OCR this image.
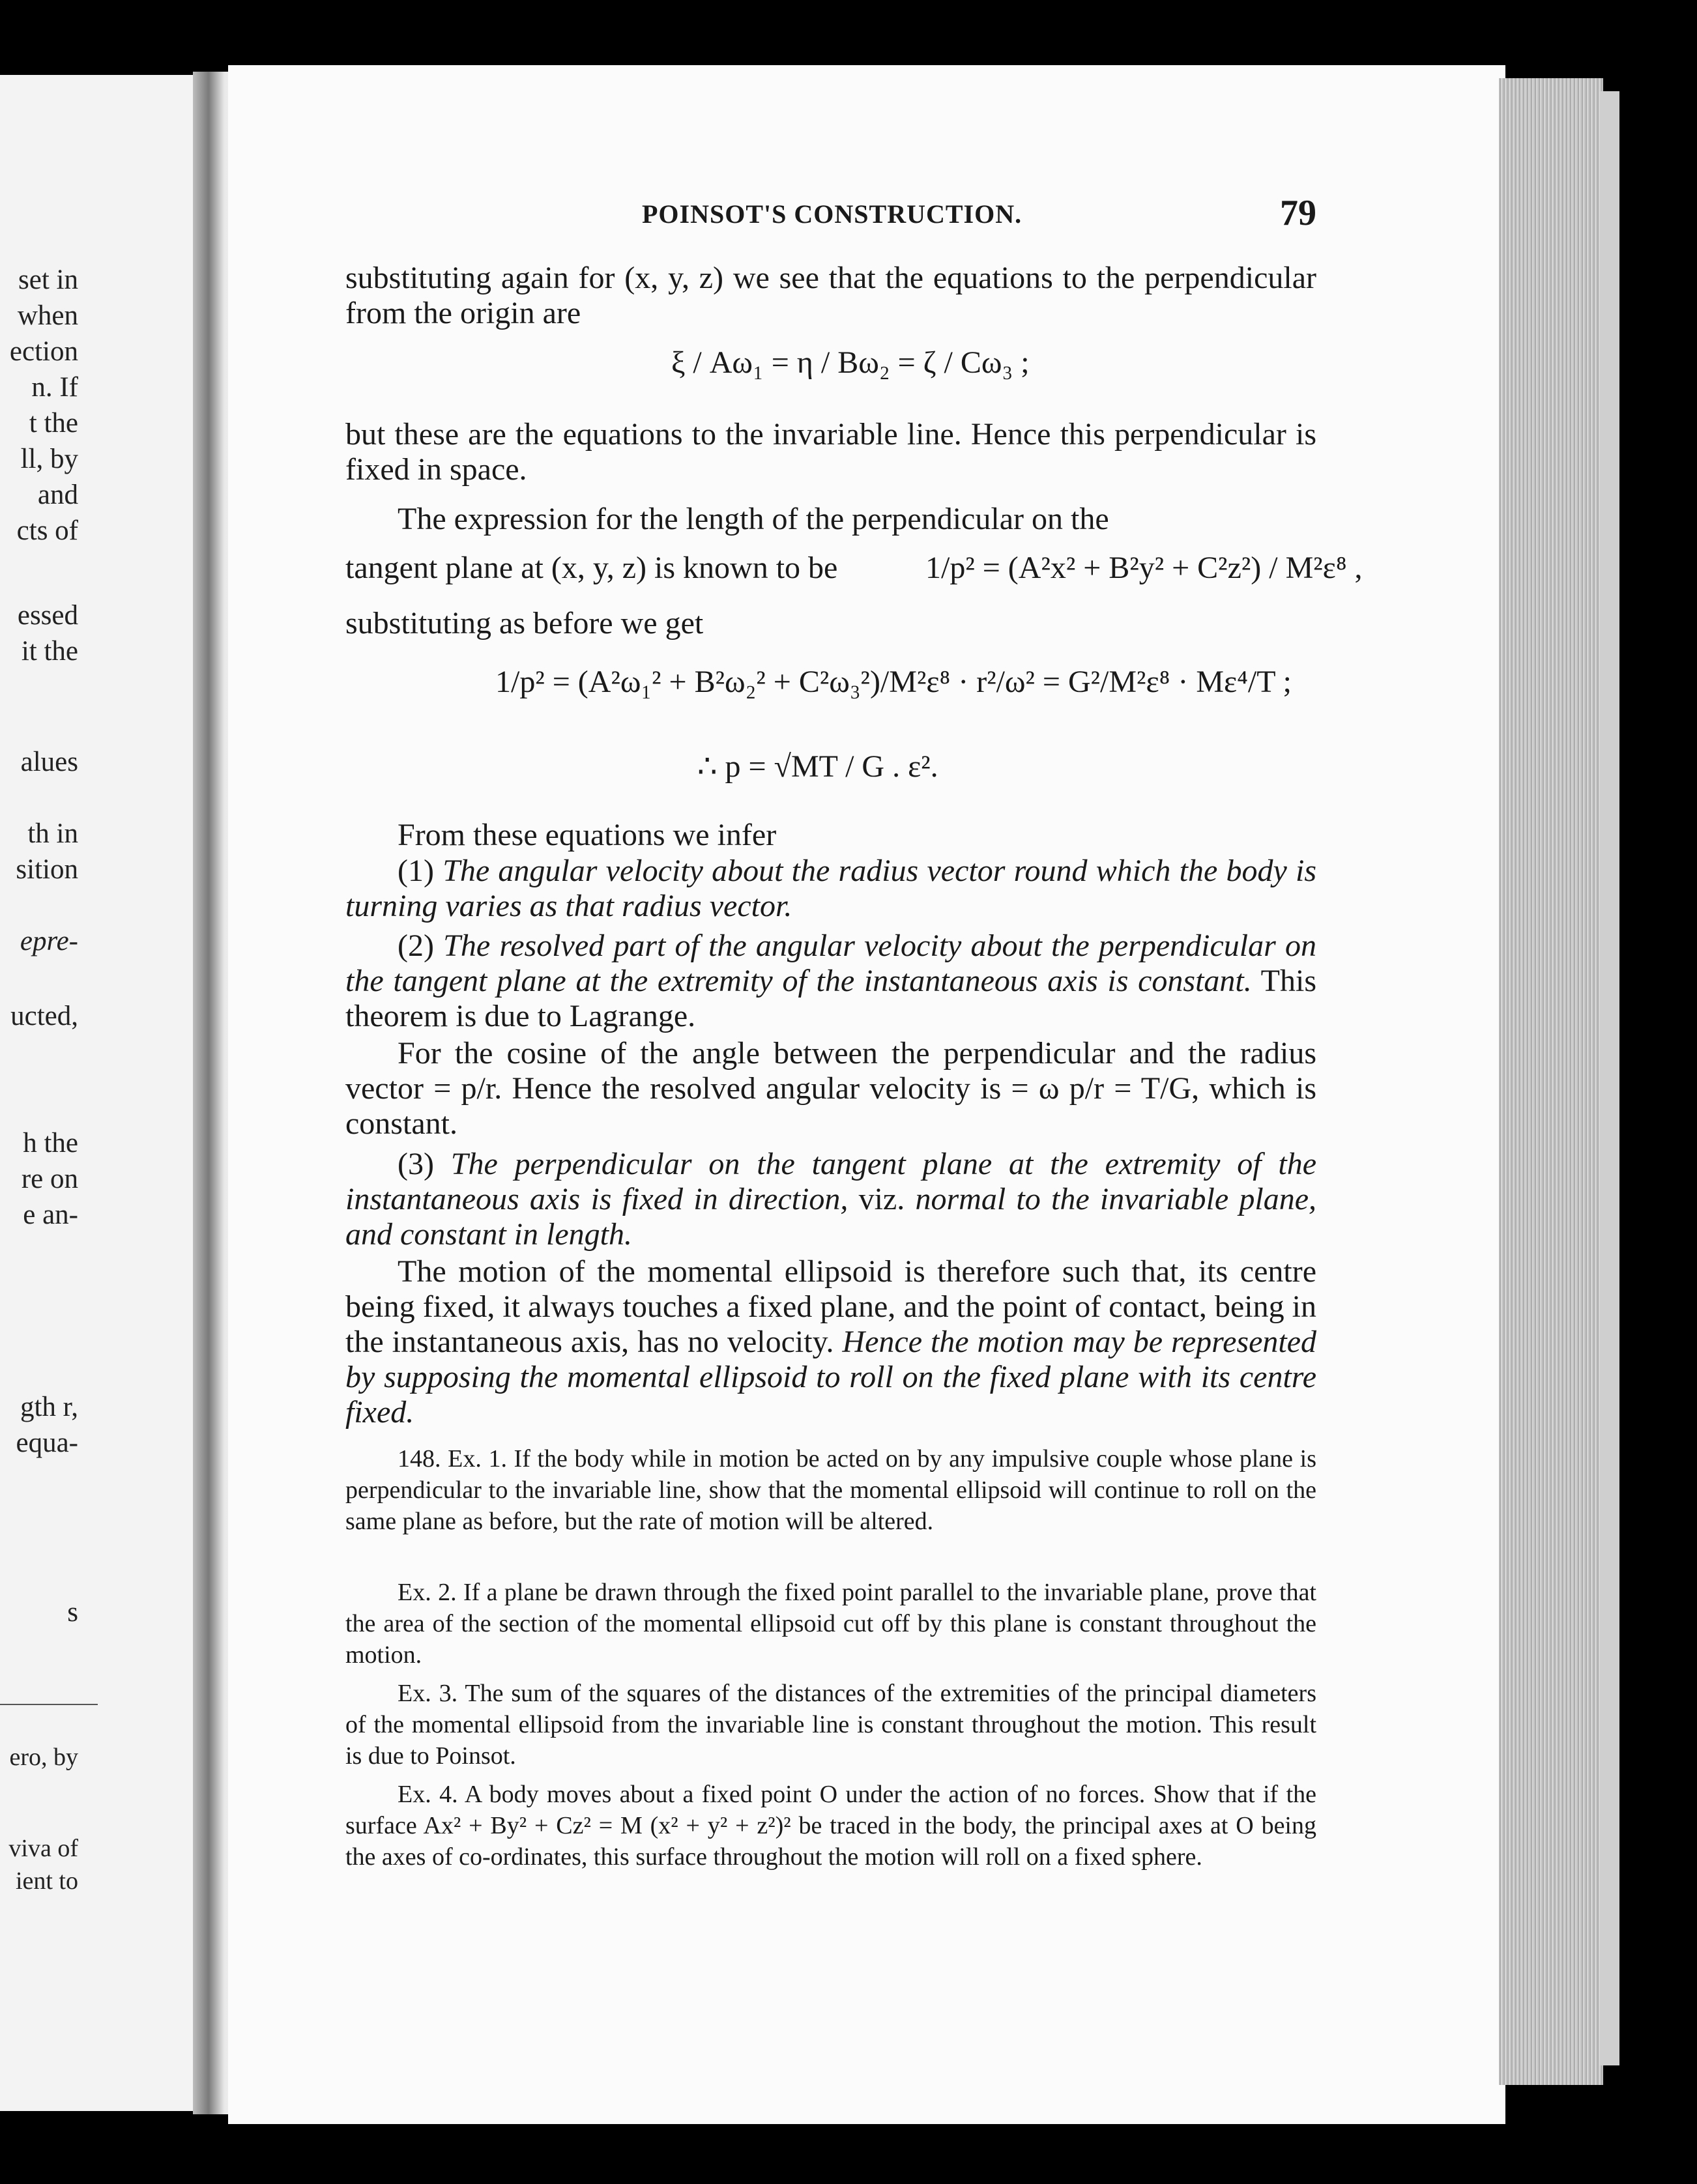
set in
when
ection
n. If
t the
ll, by
and
cts of
essed
it the
alues
th in
sition
epre-
ucted,
h the
re on
e an-
gth r,
equa-
s
ero, by
viva of
ient to
POINSOT'S CONSTRUCTION.	79
substituting again for (x, y, z) we see that the equations to the perpendicular from the origin are
ξ / Aω₁ = η / Bω₂ = ζ / Cω₃ ;
but these are the equations to the invariable line. Hence this perpendicular is fixed in space.
The expression for the length of the perpendicular on the
tangent plane at (x, y, z) is known to be	1/p² = (A²x² + B²y² + C²z²) / M²ε⁸ ,
substituting as before we get
1/p² = (A²ω₁² + B²ω₂² + C²ω₃²)/M²ε⁸ · r²/ω² = G²/M²ε⁸ · Mε⁴/T ;
∴ p = √MT / G . ε².
From these equations we infer
(1) The angular velocity about the radius vector round which the body is turning varies as that radius vector.
(2) The resolved part of the angular velocity about the perpendicular on the tangent plane at the extremity of the instantaneous axis is constant. This theorem is due to Lagrange.
For the cosine of the angle between the perpendicular and the radius vector = p/r. Hence the resolved angular velocity is = ω p/r = T/G, which is constant.
(3) The perpendicular on the tangent plane at the extremity of the instantaneous axis is fixed in direction, viz. normal to the invariable plane, and constant in length.
The motion of the momental ellipsoid is therefore such that, its centre being fixed, it always touches a fixed plane, and the point of contact, being in the instantaneous axis, has no velocity. Hence the motion may be represented by supposing the momental ellipsoid to roll on the fixed plane with its centre fixed.
148. Ex. 1. If the body while in motion be acted on by any impulsive couple whose plane is perpendicular to the invariable line, show that the momental ellipsoid will continue to roll on the same plane as before, but the rate of motion will be altered.
Ex. 2. If a plane be drawn through the fixed point parallel to the invariable plane, prove that the area of the section of the momental ellipsoid cut off by this plane is constant throughout the motion.
Ex. 3. The sum of the squares of the distances of the extremities of the principal diameters of the momental ellipsoid from the invariable line is constant throughout the motion. This result is due to Poinsot.
Ex. 4. A body moves about a fixed point O under the action of no forces. Show that if the surface Ax² + By² + Cz² = M (x² + y² + z²)² be traced in the body, the principal axes at O being the axes of co-ordinates, this surface throughout the motion will roll on a fixed sphere.
